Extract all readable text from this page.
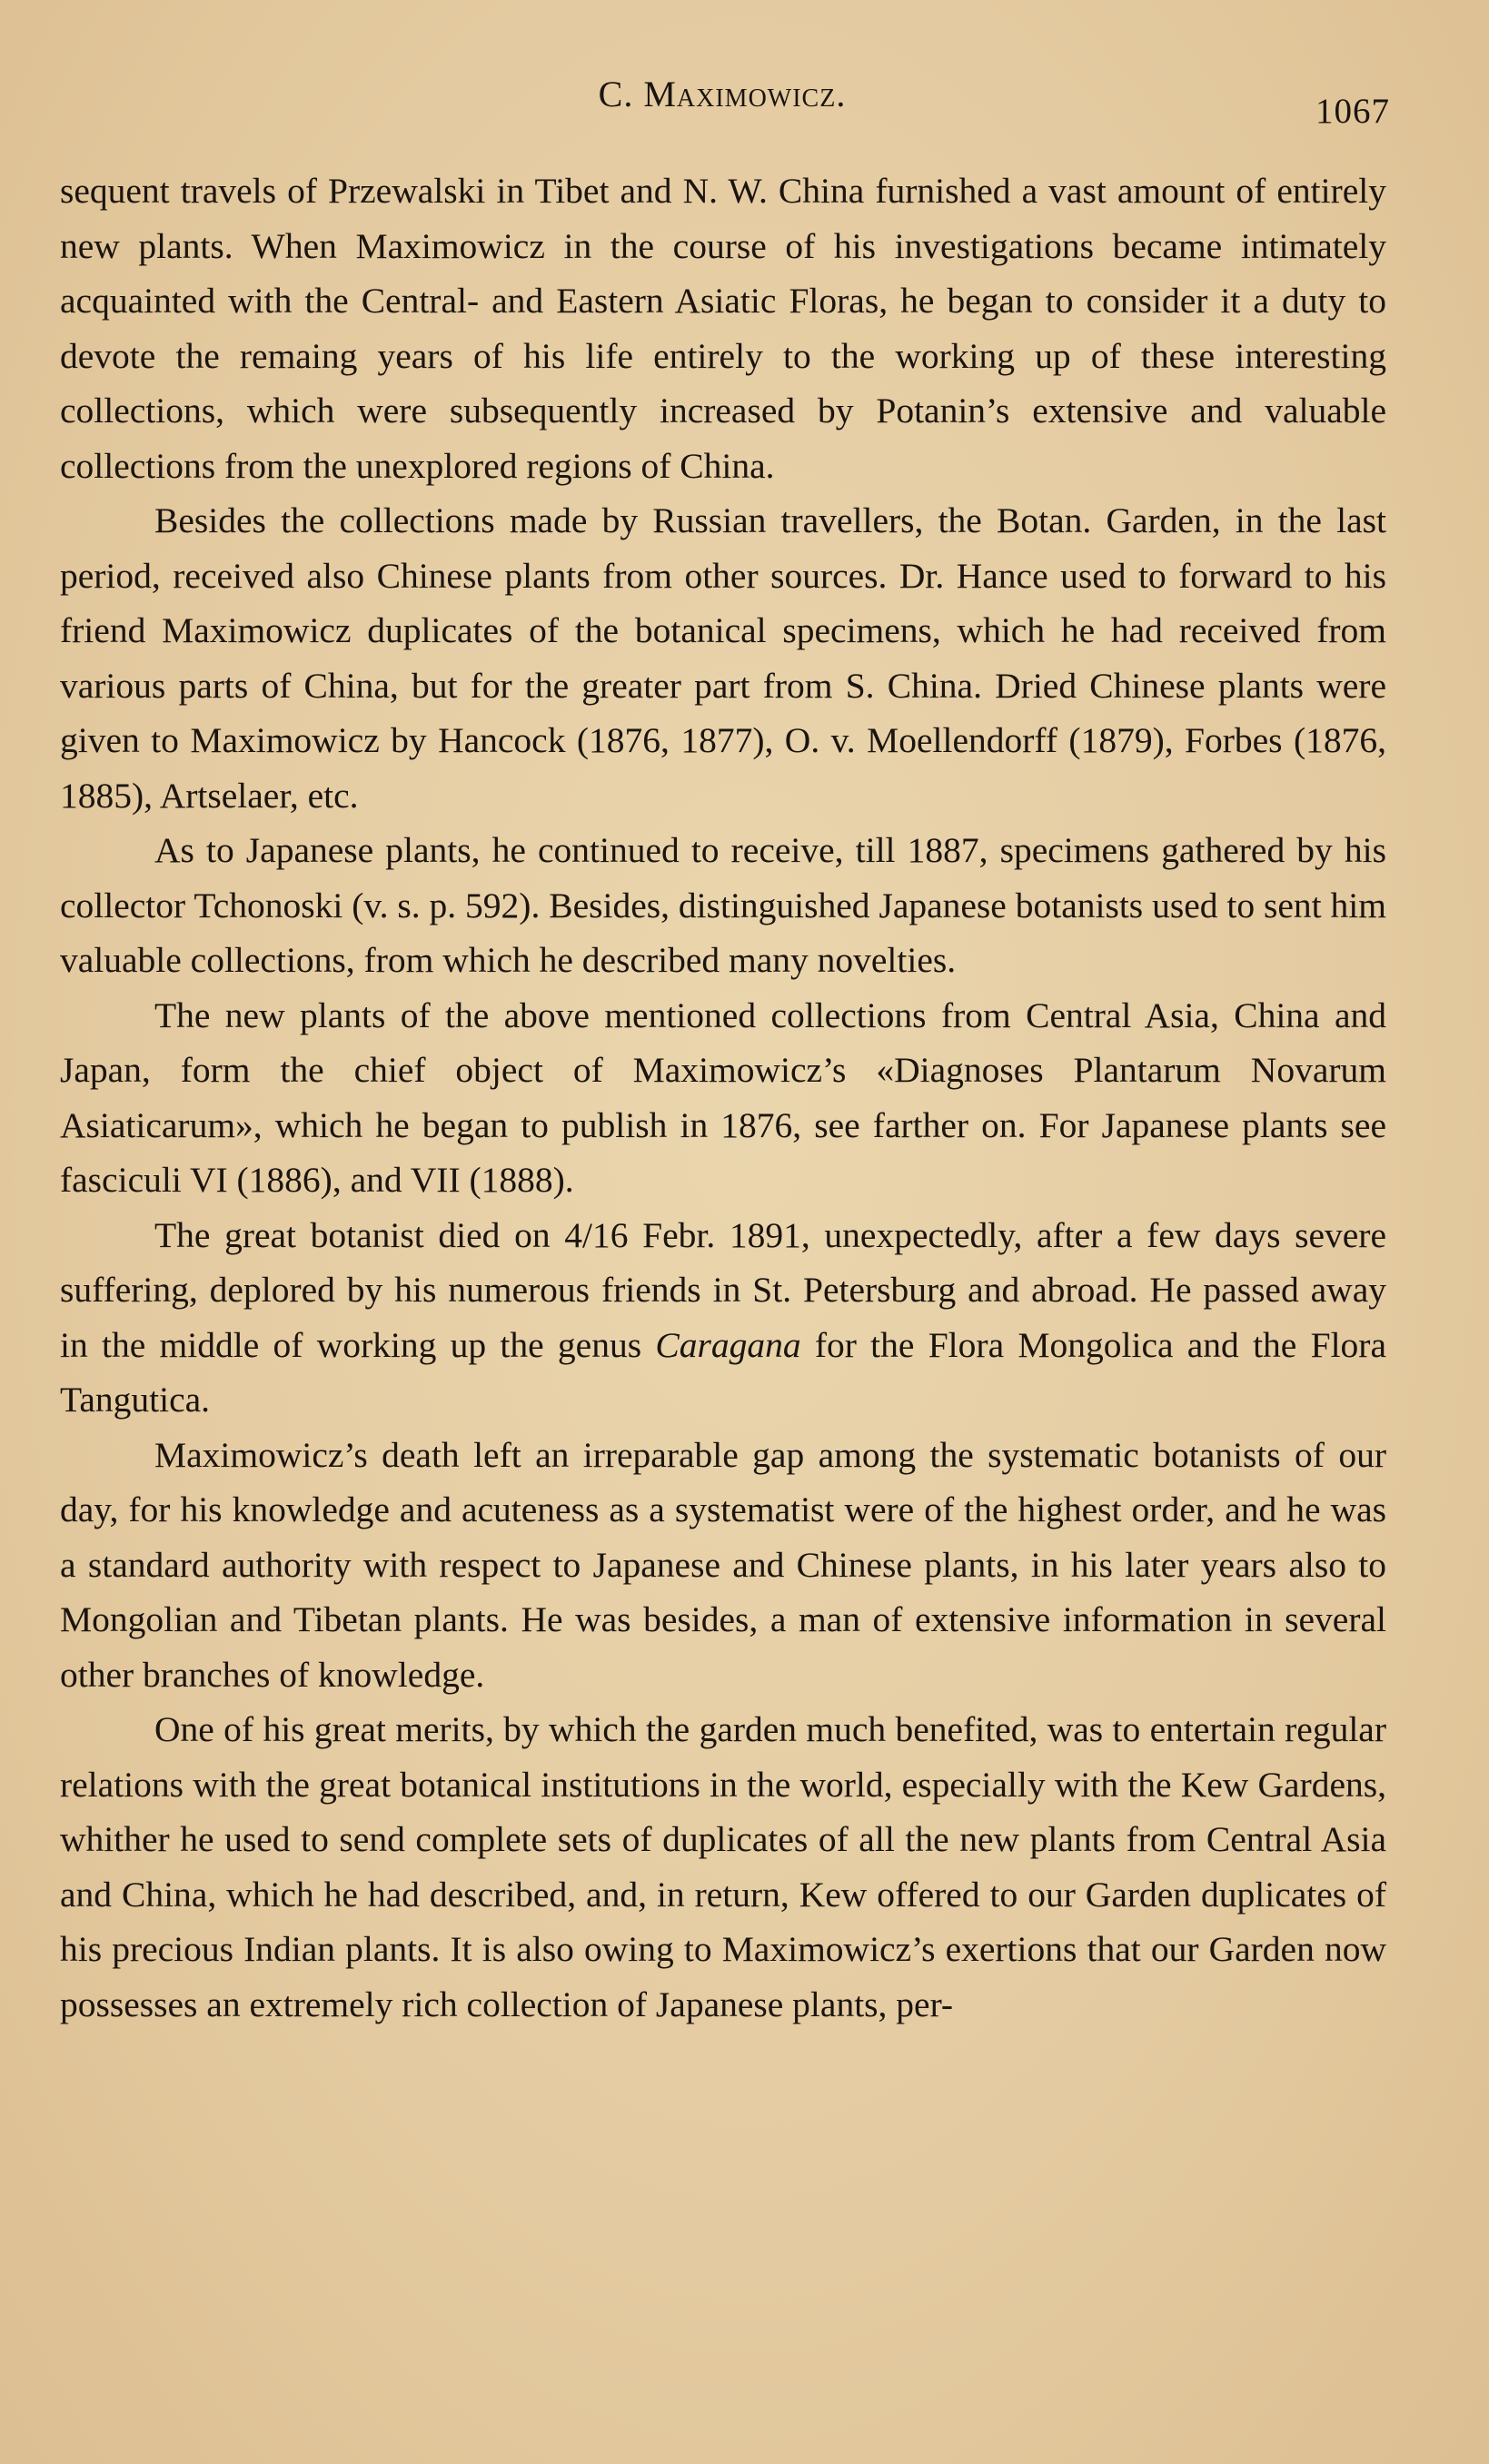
C. Maximowicz.	1067

sequent travels of Przewalski in Tibet and N. W. China furnished a vast amount of entirely new plants. When Maximowicz in the course of his investigations became intimately acquainted with the Central- and Eastern Asiatic Floras, he began to consider it a duty to devote the remaing years of his life entirely to the working up of these interesting collections, which were subsequently increased by Potanin’s extensive and valuable collections from the unexplored regions of China.

Besides the collections made by Russian travellers, the Botan. Garden, in the last period, received also Chinese plants from other sources. Dr. Hance used to forward to his friend Maximowicz duplicates of the botanical specimens, which he had received from various parts of China, but for the greater part from S. China. Dried Chinese plants were given to Maximowicz by Hancock (1876, 1877), O. v. Moellendorff (1879), Forbes (1876, 1885), Artselaer, etc.

As to Japanese plants, he continued to receive, till 1887, specimens gathered by his collector Tchonoski (v. s. p. 592). Besides, distinguished Japanese botanists used to sent him valuable collections, from which he described many novelties.

The new plants of the above mentioned collections from Central Asia, China and Japan, form the chief object of Maximowicz’s «Diagnoses Plantarum Novarum Asiaticarum», which he began to publish in 1876, see farther on. For Japanese plants see fasciculi VI (1886), and VII (1888).

The great botanist died on 4/16 Febr. 1891, unexpectedly, after a few days severe suffering, deplored by his numerous friends in St. Petersburg and abroad. He passed away in the middle of working up the genus Caragana for the Flora Mongolica and the Flora Tangutica.

Maximowicz’s death left an irreparable gap among the systematic botanists of our day, for his knowledge and acuteness as a systematist were of the highest order, and he was a standard authority with respect to Japanese and Chinese plants, in his later years also to Mongolian and Tibetan plants. He was besides, a man of extensive information in several other branches of knowledge.

One of his great merits, by which the garden much benefited, was to entertain regular relations with the great botanical institutions in the world, especially with the Kew Gardens, whither he used to send complete sets of duplicates of all the new plants from Central Asia and China, which he had described, and, in return, Kew offered to our Garden duplicates of his precious Indian plants. It is also owing to Maximowicz’s exertions that our Garden now possesses an extremely rich collection of Japanese plants, per-
